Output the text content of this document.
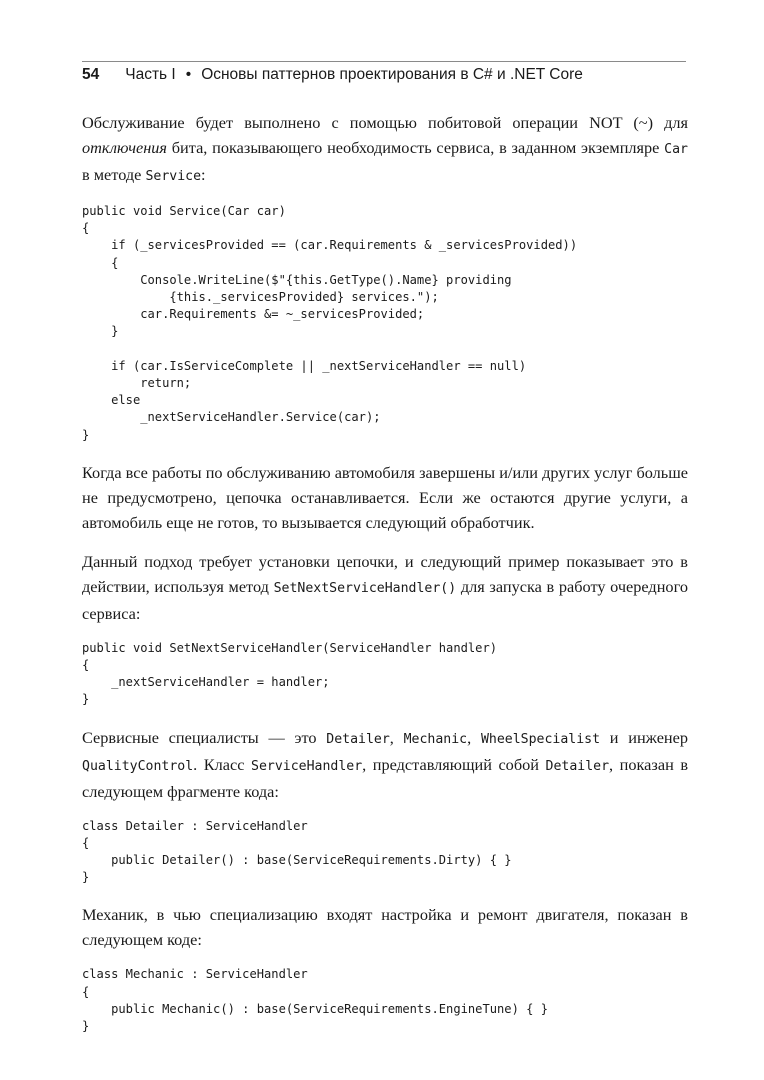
54 Часть I • Основы паттернов проектирования в C# и .NET Core

Обслуживание будет выполнено с помощью побитовой операции NOT (~) для отключения бита, показывающего необходимость сервиса, в заданном экземпляре Car в методе Service:

public void Service(Car car)
{
if (_servicesProvided == (car.Requirements & _servicesProvided))
{
Console.WriteLine($"{this.GetType().Name} providing
{this._servicesProvided} services.");
car.Requirements &= ~_servicesProvided;
}

if (car.IsServiceComplete || _nextServiceHandler == null)
return;
else
_nextServiceHandler.Service(car);
}

Когда все работы по обслуживанию автомобиля завершены и/или других услуг больше не предусмотрено, цепочка останавливается. Если же остаются другие услуги, а автомобиль еще не готов, то вызывается следующий обработчик.

Данный подход требует установки цепочки, и следующий пример показывает это в действии, используя метод SetNextServiceHandler() для запуска в работу очередного сервиса:

public void SetNextServiceHandler(ServiceHandler handler)
{
_nextServiceHandler = handler;
}

Сервисные специалисты — это Detailer, Mechanic, WheelSpecialist и инженер QualityControl. Класс ServiceHandler, представляющий собой Detailer, показан в следующем фрагменте кода:

class Detailer : ServiceHandler
{
public Detailer() : base(ServiceRequirements.Dirty) { }
}

Механик, в чью специализацию входят настройка и ремонт двигателя, показан в следующем коде:

class Mechanic : ServiceHandler
{
public Mechanic() : base(ServiceRequirements.EngineTune) { }
}
